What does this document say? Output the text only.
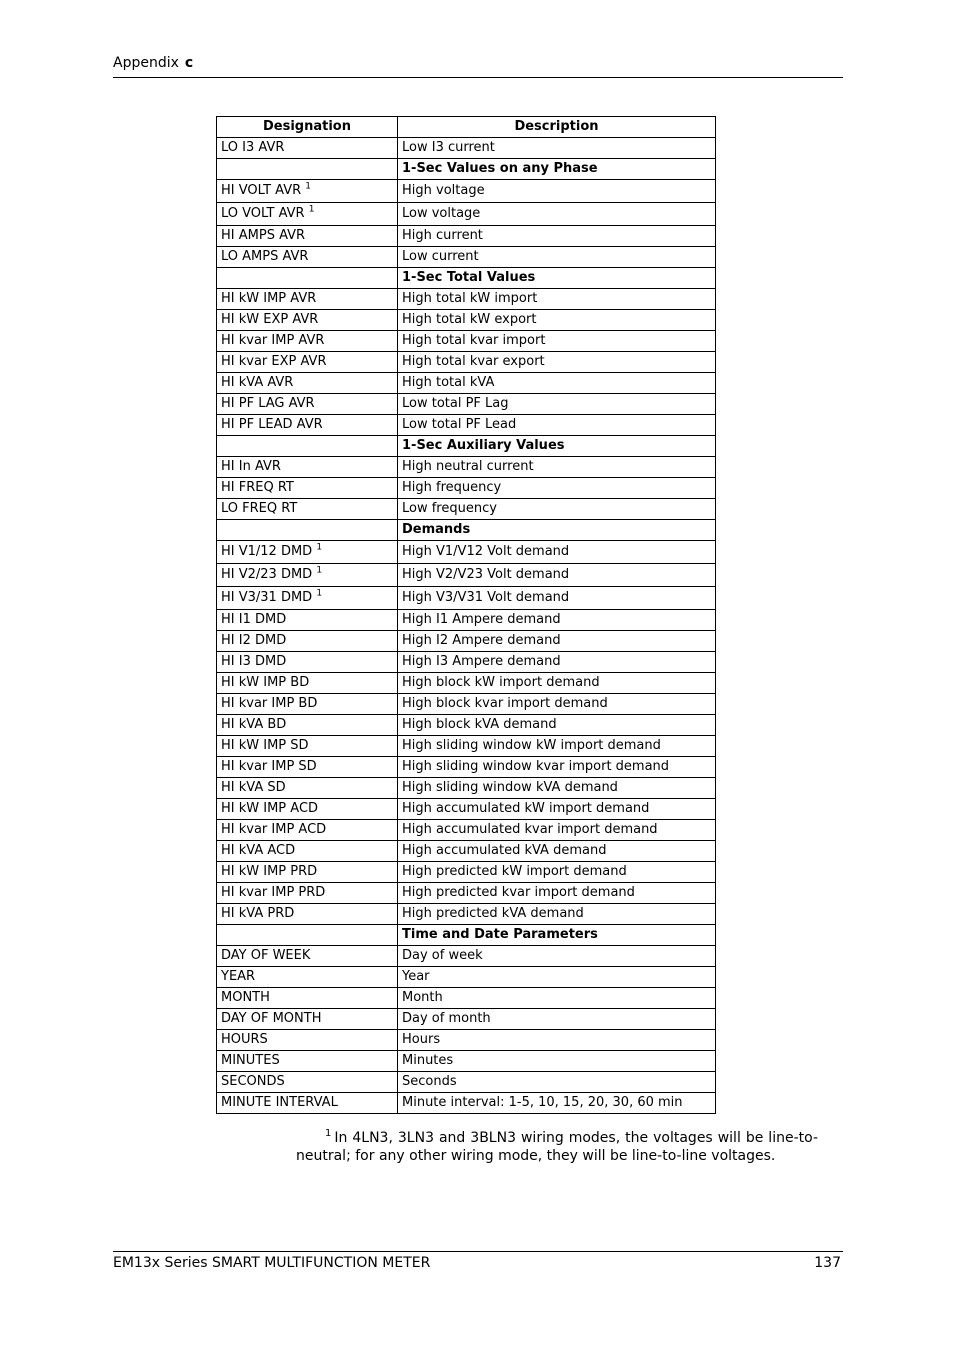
Appendix c
Designation	Description
LO I3 AVR	Low I3 current
	1-Sec Values on any Phase
HI VOLT AVR $^1$	High voltage
LO VOLT AVR $^1$	Low voltage
HI AMPS AVR	High current
LO AMPS AVR	Low current
	1-Sec Total Values
HI kW IMP AVR	High total kW import
HI kW EXP AVR	High total kW export
HI kvar IMP AVR	High total kvar import
HI kvar EXP AVR	High total kvar export
HI kVA AVR	High total kVA
HI PF LAG AVR	Low total PF Lag
HI PF LEAD AVR	Low total PF Lead
	1-Sec Auxiliary Values
HI In AVR	High neutral current
HI FREQ RT	High frequency
LO FREQ RT	Low frequency
	Demands
HI V1/12 DMD $^1$	High V1/V12 Volt demand
HI V2/23 DMD $^1$	High V2/V23 Volt demand
HI V3/31 DMD $^1$	High V3/V31 Volt demand
HI I1 DMD	High I1 Ampere demand
HI I2 DMD	High I2 Ampere demand
HI I3 DMD	High I3 Ampere demand
HI kW IMP BD	High block kW import demand
HI kvar IMP BD	High block kvar import demand
HI kVA BD	High block kVA demand
HI kW IMP SD	High sliding window kW import demand
HI kvar IMP SD	High sliding window kvar import demand
HI kVA SD	High sliding window kVA demand
HI kW IMP ACD	High accumulated kW import demand
HI kvar IMP ACD	High accumulated kvar import demand
HI kVA ACD	High accumulated kVA demand
HI kW IMP PRD	High predicted kW import demand
HI kvar IMP PRD	High predicted kvar import demand
HI kVA PRD	High predicted kVA demand
	Time and Date Parameters
DAY OF WEEK	Day of week
YEAR	Year
MONTH	Month
DAY OF MONTH	Day of month
HOURS	Hours
MINUTES	Minutes
SECONDS	Seconds
MINUTE INTERVAL	Minute interval: 1-5, 10, 15, 20, 30, 60 min
$^1$ In 4LN3, 3LN3 and 3BLN3 wiring modes, the voltages will be line-to-neutral; for any other wiring mode, they will be line-to-line voltages.
EM13x Series SMART MULTIFUNCTION METER	137
